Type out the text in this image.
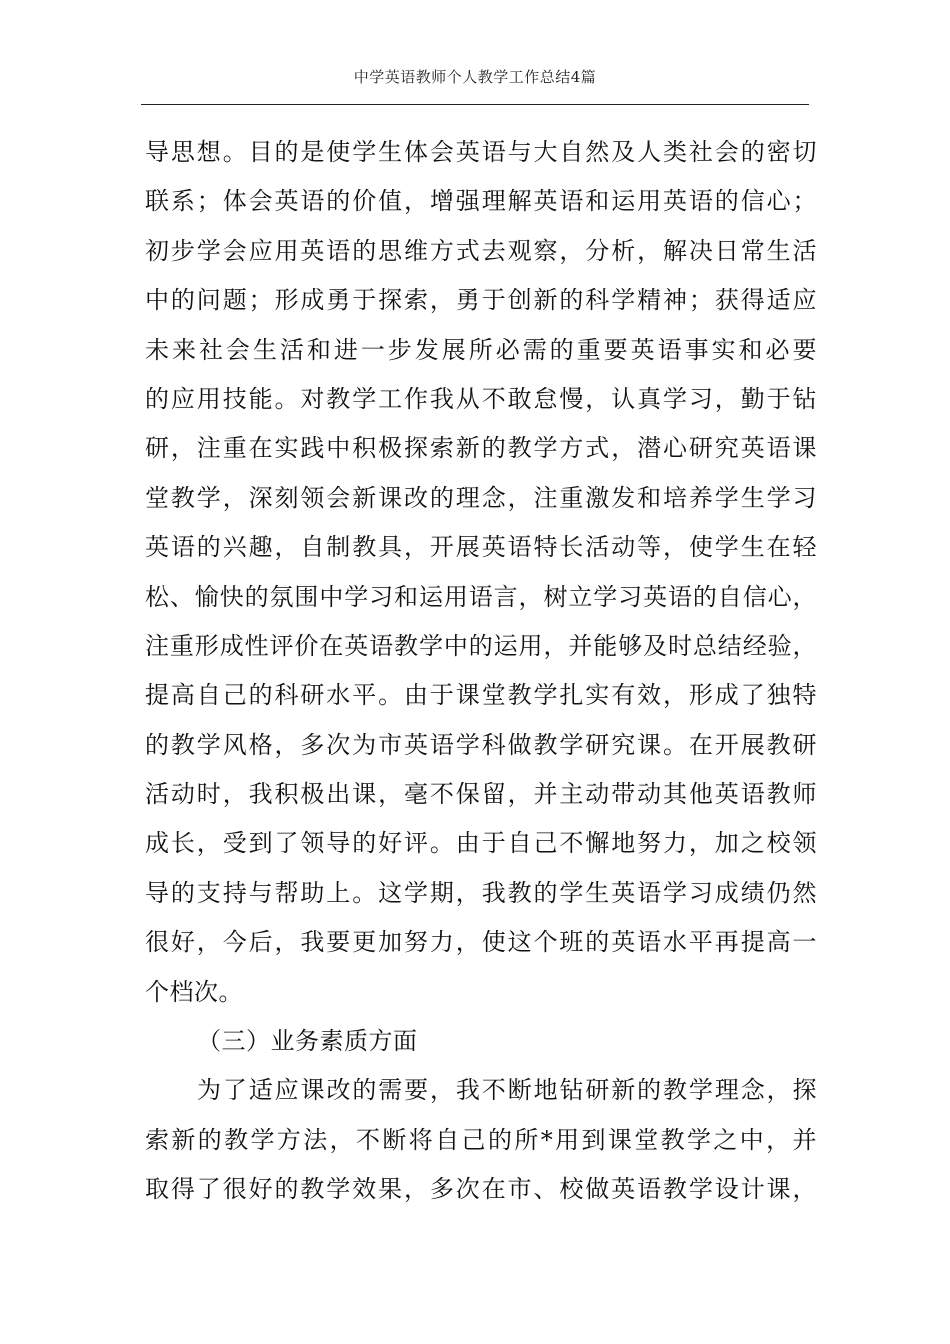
中学英语教师个人教学工作总结4篇
导思想。目的是使学生体会英语与大自然及人类社会的密切
联系；体会英语的价值，增强理解英语和运用英语的信心；
初步学会应用英语的思维方式去观察，分析，解决日常生活
中的问题；形成勇于探索，勇于创新的科学精神；获得适应
未来社会生活和进一步发展所必需的重要英语事实和必要
的应用技能。对教学工作我从不敢怠慢，认真学习，勤于钻
研，注重在实践中积极探索新的教学方式，潜心研究英语课
堂教学，深刻领会新课改的理念，注重激发和培养学生学习
英语的兴趣，自制教具，开展英语特长活动等，使学生在轻
松、愉快的氛围中学习和运用语言，树立学习英语的自信心，
注重形成性评价在英语教学中的运用，并能够及时总结经验，
提高自己的科研水平。由于课堂教学扎实有效，形成了独特
的教学风格，多次为市英语学科做教学研究课。在开展教研
活动时，我积极出课，毫不保留，并主动带动其他英语教师
成长，受到了领导的好评。由于自己不懈地努力，加之校领
导的支持与帮助上。这学期，我教的学生英语学习成绩仍然
很好，今后，我要更加努力，使这个班的英语水平再提高一
个档次。
（三）业务素质方面
为了适应课改的需要，我不断地钻研新的教学理念，探
索新的教学方法，不断将自己的所*用到课堂教学之中，并
取得了很好的教学效果，多次在市、校做英语教学设计课，
